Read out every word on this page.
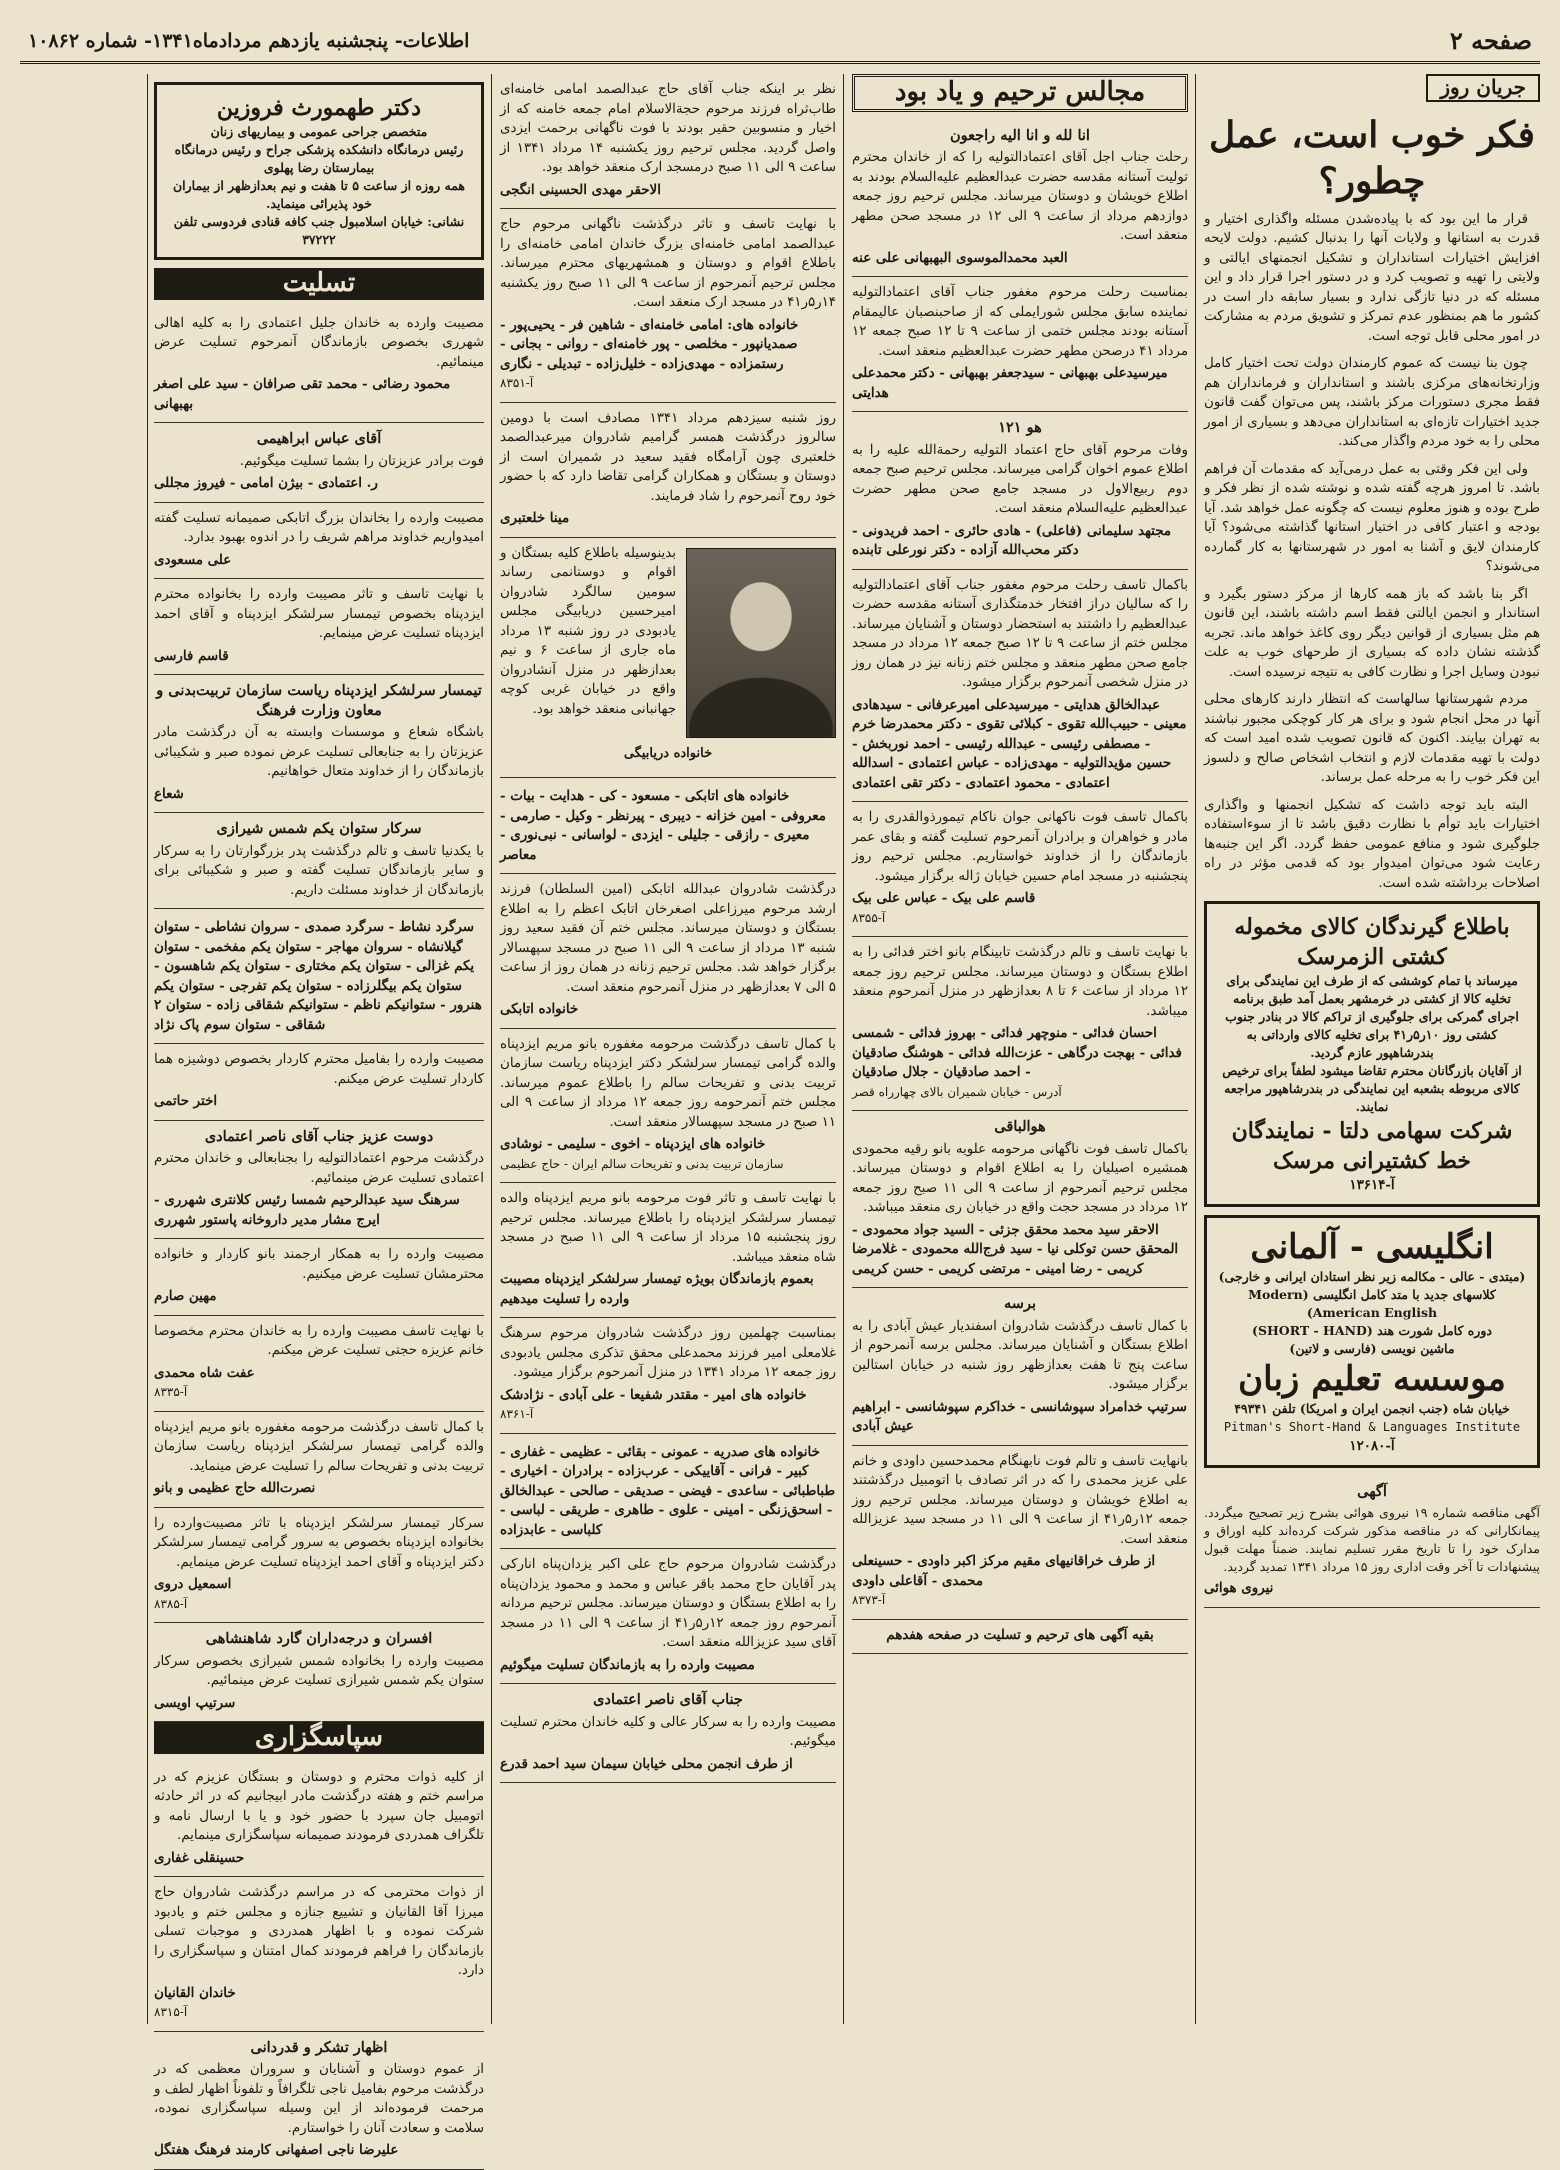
صفحه ۲
اطلاعات- پنجشنبه یازدهم مردادماه۱۳۴۱- شماره ۱۰۸۶۲
جریان روز
فکر خوب است، عمل چطور؟

قرار ما این بود که با پیاده‌شدن مسئله واگذاری اختیار و قدرت به استانها و ولایات آنها را بدنبال کشیم. دولت لایحه افزایش اختیارات استانداران و تشکیل انجمنهای ایالتی و ولایتی را تهیه و تصویب کرد و در دستور اجرا قرار داد و این مسئله که در دنیا تازگی ندارد و بسیار سابقه دار است در کشور ما هم بمنظور عدم تمرکز و تشویق مردم به مشارکت در امور محلی قابل توجه است.

چون بنا نیست که عموم کارمندان دولت تحت اختیار کامل وزارتخانه‌های مرکزی باشند و استانداران و فرمانداران هم فقط مجری دستورات مرکز باشند، پس می‌توان گفت قانون جدید اختیارات تازه‌ای به استانداران می‌دهد و بسیاری از امور محلی را به خود مردم واگذار می‌کند.

ولی این فکر وقتی به عمل درمی‌آید که مقدمات آن فراهم باشد. تا امروز هرچه گفته شده و نوشته شده از نظر فکر و طرح بوده و هنوز معلوم نیست که چگونه عمل خواهد شد. آیا بودجه و اعتبار کافی در اختیار استانها گذاشته می‌شود؟ آیا کارمندان لایق و آشنا به امور در شهرستانها به کار گمارده می‌شوند؟

اگر بنا باشد که باز همه کارها از مرکز دستور بگیرد و استاندار و انجمن ایالتی فقط اسم داشته باشند، این قانون هم مثل بسیاری از قوانین دیگر روی کاغذ خواهد ماند. تجربه گذشته نشان داده که بسیاری از طرحهای خوب به علت نبودن وسایل اجرا و نظارت کافی به نتیجه نرسیده است.

مردم شهرستانها سالهاست که انتظار دارند کارهای محلی آنها در محل انجام شود و برای هر کار کوچکی مجبور نباشند به تهران بیایند. اکنون که قانون تصویب شده امید است که دولت با تهیه مقدمات لازم و انتخاب اشخاص صالح و دلسوز این فکر خوب را به مرحله عمل برساند.

البته باید توجه داشت که تشکیل انجمنها و واگذاری اختیارات باید توأم با نظارت دقیق باشد تا از سوءاستفاده جلوگیری شود و منافع عمومی حفظ گردد. اگر این جنبه‌ها رعایت شود می‌توان امیدوار بود که قدمی مؤثر در راه اصلاحات برداشته شده است.

باطلاع گیرندگان کالای مخموله کشتی الزمرسک
میرساند با تمام کوششی که از طرف این نمایندگی برای تخلیه کالا از کشتی در خرمشهر بعمل آمد طبق برنامه اجرای گمرکی برای جلوگیری از تراکم کالا در بنادر جنوب کشتی روز ۱۰ر۵ر۴۱ برای تخلیه کالای وارداتی به بندرشاهپور عازم گردید.
از آقایان بازرگانان محترم تقاضا میشود لطفاً برای ترخیص کالای مربوطه بشعبه این نمایندگی در بندرشاهپور مراجعه نمایند.
شرکت سهامی دلتا - نمایندگان خط کشتیرانی مرسک
آ-۱۳۶۱۴
انگلیسی - آلمانی
(مبتدی - عالی - مکالمه زیر نظر استادان ایرانی و خارجی)
کلاسهای جدید با متد کامل انگلیسی (Modern American English)
دوره کامل شورت هند (SHORT - HAND)
ماشین نویسی (فارسی و لاتین)
موسسه تعلیم زبان
خیابان شاه (جنب انجمن ایران و امریکا) تلفن ۴۹۳۴۱
Pitman's Short-Hand & Languages Institute
آ-۱۲۰۸۰
آگهی
آگهی مناقصه شماره ۱۹ نیروی هوائی بشرح زیر تصحیح میگردد. پیمانکارانی که در مناقصه مذکور شرکت کرده‌اند کلیه اوراق و مدارک خود را تا تاریخ مقرر تسلیم نمایند. ضمناً مهلت قبول پیشنهادات تا آخر وقت اداری روز ۱۵ مرداد ۱۳۴۱ تمدید گردید.
نیروی هوائی
مجالس ترحیم و یاد بود
انا لله و انا الیه راجعون
رحلت جناب اجل آقای اعتمادالتولیه را که از خاندان محترم تولیت آستانه مقدسه حضرت عبدالعظیم علیه‌السلام بودند به اطلاع خویشان و دوستان میرساند. مجلس ترحیم روز جمعه دوازدهم مرداد از ساعت ۹ الی ۱۲ در مسجد صحن مطهر منعقد است.
العبد محمدالموسوی البهبهانی علی عنه
بمناسبت رحلت مرحوم مغفور جناب آقای اعتمادالتولیه نماینده سابق مجلس شورایملی که از صاحبنصبان عالیمقام آستانه بودند مجلس ختمی از ساعت ۹ تا ۱۲ صبح جمعه ۱۲ مرداد ۴۱ درصحن مطهر حضرت عبدالعظیم منعقد است.
میرسیدعلی بهبهانی - سیدجعفر بهبهانی - دکتر محمدعلی هدایتی
هو ۱۲۱
وفات مرحوم آقای حاج اعتماد التولیه رحمةالله علیه را به اطلاع عموم اخوان گرامی میرساند. مجلس ترحیم صبح جمعه دوم ربیع‌الاول در مسجد جامع صحن مطهر حضرت عبدالعظیم علیه‌السلام منعقد است.
مجتهد سلیمانی (فاعلی) - هادی حائری - احمد فریدونی - دکتر محب‌الله آزاده - دکتر نورعلی تابنده
باکمال تاسف رحلت مرحوم مغفور جناب آقای اعتمادالتولیه را که سالیان دراز افتخار خدمتگذاری آستانه مقدسه حضرت عبدالعظیم را داشتند به استحضار دوستان و آشنایان میرساند. مجلس ختم از ساعت ۹ تا ۱۲ صبح جمعه ۱۲ مرداد در مسجد جامع صحن مطهر منعقد و مجلس ختم زنانه نیز در همان روز در منزل شخصی آنمرحوم برگزار میشود.
عبدالخالق هدایتی - میرسیدعلی امیرعرفانی - سیدهادی معینی - حبیب‌الله تقوی - کبلائی تقوی - دکتر محمدرضا خرم - مصطفی رئیسی - عبدالله رئیسی - احمد نوربخش - حسین مؤیدالتولیه - مهدی‌زاده - عباس اعتمادی - اسدالله اعتمادی - محمود اعتمادی - دکتر تقی اعتمادی
باکمال تاسف فوت ناکهانی جوان ناکام تیمورذوالقدری را به مادر و خواهران و برادران آنمرحوم تسلیت گفته و بقای عمر بازماندگان را از خداوند خواستاریم. مجلس ترحیم روز پنجشنبه در مسجد امام حسین خیابان ژاله برگزار میشود.
قاسم علی بیک - عباس علی بیک
آ-۸۳۵۵
با نهایت تاسف و تالم درگذشت تابینگام بانو اختر فدائی را به اطلاع بستگان و دوستان میرساند. مجلس ترحیم روز جمعه ۱۲ مرداد از ساعت ۶ تا ۸ بعدازظهر در منزل آنمرحوم منعقد میباشد.
احسان فدائی - منوچهر فدائی - بهروز فدائی - شمسی فدائی - بهجت درگاهی - عزت‌الله فدائی - هوشنگ صادقیان - احمد صادقیان - جلال صادقیان
آدرس - خیابان شمیران بالای چهارراه قصر
هوالباقی
باکمال تاسف فوت ناگهانی مرحومه علویه بانو رقیه محمودی همشیره اصیلیان را به اطلاع اقوام و دوستان میرساند. مجلس ترحیم آنمرحوم از ساعت ۹ الی ۱۱ صبح روز جمعه ۱۲ مرداد در مسجد حجت واقع در خیابان ری منعقد میباشد.
الاحقر سید محمد محقق جزئی - السید جواد محمودی - المحقق حسن توکلی نیا - سید فرج‌الله محمودی - غلامرضا کریمی - رضا امینی - مرتضی کریمی - حسن کریمی
برسه
با کمال تاسف درگذشت شادروان اسفندیار عیش آبادی را به اطلاع بستگان و آشنایان میرساند. مجلس برسه آنمرحوم از ساعت پنج تا هفت بعدازظهر روز شنبه در خیابان استالین برگزار میشود.
سرتیپ خدامراد سپوشانسی - خداکرم سپوشانسی - ابراهیم عیش آبادی
بانهایت تاسف و تالم فوت نابهنگام محمدحسین داودی و خانم علی عزیز محمدی را که در اثر تصادف با اتومبیل درگذشتند به اطلاع خویشان و دوستان میرساند. مجلس ترحیم روز جمعه ۱۲ر۵ر۴۱ از ساعت ۹ الی ۱۱ در مسجد سید عزیزالله منعقد است.
از طرف خراقانیهای مقیم مرکز اکبر داودی - حسینعلی محمدی - آقاعلی داودی
آ-۸۳۷۳
بقیه آگهی های ترحیم و تسلیت در صفحه هفدهم
نظر بر اینکه جناب آقای حاج عبدالصمد امامی خامنه‌ای طاب‌ثراه فرزند مرحوم حجةالاسلام امام جمعه خامنه که از اخیار و منسوبین حقیر بودند با فوت ناگهانی برحمت ایزدی واصل گردید. مجلس ترحیم روز یکشنبه ۱۴ مرداد ۱۳۴۱ از ساعت ۹ الی ۱۱ صبح درمسجد ارک منعقد خواهد بود.
الاحقر مهدی الحسینی انگجی
با نهایت تاسف و تاثر درگذشت ناگهانی مرحوم حاج عبدالصمد امامی خامنه‌ای بزرگ خاندان امامی خامنه‌ای را باطلاع اقوام و دوستان و همشهریهای محترم میرساند. مجلس ترحیم آنمرحوم از ساعت ۹ الی ۱۱ صبح روز یکشنبه ۱۴ر۵ر۴۱ در مسجد ارک منعقد است.
خانواده های: امامی خامنه‌ای - شاهین فر - یحیی‌پور - صمدیانپور - مخلصی - پور خامنه‌ای - روانی - بجانی - رستمزاده - مهدی‌زاده - خلیل‌زاده - تبدیلی - نگاری
آ-۸۳۵۱
روز شنبه سیزدهم مرداد ۱۳۴۱ مصادف است با دومین سالروز درگذشت همسر گرامیم شادروان میرعبدالصمد خلعتبری چون آرامگاه فقید سعید در شمیران است از دوستان و بستگان و همکاران گرامی تقاضا دارد که با حضور خود روح آنمرحوم را شاد فرمایند.
مینا خلعتبری
بدینوسیله باطلاع کلیه بستگان و اقوام و دوستانمی رساند سومین سالگرد شادروان امیرحسین دریابیگی مجلس یادبودی در روز شنبه ۱۳ مرداد ماه جاری از ساعت ۶ و نیم بعدازظهر در منزل آنشادروان واقع در خیابان غربی کوچه جهانبانی منعقد خواهد بود.
خانواده دریابیگی
خانواده های اتابکی - مسعود - کی - هدایت - بیات - معروفی - امین خزانه - دیبری - پیرنظر - وکیل - صارمی - معیری - رازقی - جلیلی - ایزدی - لواسانی - نبی‌نوری - معاصر
درگذشت شادروان عبدالله اتابکی (امین السلطان) فرزند ارشد مرحوم میرزاعلی اصغرخان اتابک اعظم را به اطلاع بستگان و دوستان میرساند. مجلس ختم آن فقید سعید روز شنبه ۱۳ مرداد از ساعت ۹ الی ۱۱ صبح در مسجد سپهسالار برگزار خواهد شد. مجلس ترحیم زنانه در همان روز از ساعت ۵ الی ۷ بعدازظهر در منزل آنمرحوم منعقد است.
خانواده اتابکی
با کمال تاسف درگذشت مرحومه مغفوره بانو مریم ایزدپناه والده گرامی تیمسار سرلشکر دکتر ایزدپناه ریاست سازمان تربیت بدنی و تفریحات سالم را باطلاع عموم میرساند. مجلس ختم آنمرحومه روز جمعه ۱۲ مرداد از ساعت ۹ الی ۱۱ صبح در مسجد سپهسالار منعقد است.
خانواده های ایزدپناه - اخوی - سلیمی - نوشادی
سازمان تربیت بدنی و تفریحات سالم ایران - حاج عظیمی
با نهایت تاسف و تاثر فوت مرحومه بانو مریم ایزدپناه والده تیمسار سرلشکر ایزدپناه را باطلاع میرساند. مجلس ترحیم روز پنجشنبه ۱۵ مرداد از ساعت ۹ الی ۱۱ صبح در مسجد شاه منعقد میباشد.
بعموم بازماندگان بویژه تیمسار سرلشکر ایزدپناه مصیبت وارده را تسلیت میدهیم
بمناسبت چهلمین روز درگذشت شادروان مرحوم سرهنگ غلامعلی امیر فرزند محمدعلی محقق تذکری مجلس یادبودی روز جمعه ۱۲ مرداد ۱۳۴۱ در منزل آنمرحوم برگزار میشود.
خانواده های امیر - مقتدر شفیعا - علی آبادی - نژادشک
آ-۸۳۶۱
خانواده های صدریه - عمونی - بقائی - عظیمی - غفاری - کبیر - فرانی - آقاییکی - عرب‌زاده - برادران - اخیاری - طباطبائی - ساعدی - فیضی - صدیقی - صالحی - عبدالخالق - اسحق‌زنگی - امینی - علوی - طاهری - طریقی - لباسی - کلباسی - عابدزاده
درگذشت شادروان مرحوم حاج علی اکبر یزدان‌پناه انارکی پدر آقایان حاج محمد باقر عباس و محمد و محمود یزدان‌پناه را به اطلاع بستگان و دوستان میرساند. مجلس ترحیم مردانه آنمرحوم روز جمعه ۱۲ر۵ر۴۱ از ساعت ۹ الی ۱۱ در مسجد آقای سید عزیزالله منعقد است.
مصیبت وارده را به بازماندگان تسلیت میگوئیم
جناب آقای ناصر اعتمادی
مصیبت وارده را به سرکار عالی و کلیه خاندان محترم تسلیت میگوئیم.
از طرف انجمن محلی خیابان سیمان سید احمد قدرع
دکتر طهمورث فروزین
متخصص جراحی عمومی و بیماریهای زنان
رئیس درمانگاه دانشکده پزشکی جراح و رئیس درمانگاه بیمارستان رضا پهلوی
همه روزه از ساعت ۵ تا هفت و نیم بعدازظهر از بیماران خود پذیرائی مینماید.
نشانی: خیابان اسلامبول جنب کافه قنادی فردوسی تلفن ۳۷۲۲۲
تسلیت
مصیبت وارده به خاندان جلیل اعتمادی را به کلیه اهالی شهرری بخصوص بازماندگان آنمرحوم تسلیت عرض مینمائیم.
محمود رضائی - محمد تقی صرافان - سید علی اصغر بهبهانی
آقای عباس ابراهیمی
فوت برادر عزیزتان را بشما تسلیت میگوئیم.
ر. اعتمادی - بیژن امامی - فیروز مجللی
مصیبت وارده را بخاندان بزرگ اتابکی صمیمانه تسلیت گفته امیدواریم خداوند مراهم شریف را در اندوه بهبود بدارد.
علی مسعودی
با نهایت تاسف و تاثر مصیبت وارده را بخانواده محترم ایزدپناه بخصوص تیمسار سرلشکر ایزدپناه و آقای احمد ایزدپناه تسلیت عرض مینمایم.
قاسم فارسی
تیمسار سرلشکر ایزدپناه ریاست سازمان تربیت‌بدنی و معاون وزارت فرهنگ
باشگاه شعاع و موسسات وابسته به آن درگذشت مادر عزیزتان را به جنابعالی تسلیت عرض نموده صبر و شکیبائی بازماندگان را از خداوند متعال خواهانیم.
شعاع
سرکار ستوان یکم شمس شیرازی
با یکدنیا تاسف و تالم درگذشت پدر بزرگوارتان را به سرکار و سایر بازماندگان تسلیت گفته و صبر و شکیبائی برای بازماندگان از خداوند مسئلت داریم.
سرگرد نشاط - سرگرد صمدی - سروان نشاطی - ستوان گیلانشاه - سروان مهاجر - ستوان یکم مفخمی - ستوان یکم غزالی - ستوان یکم مختاری - ستوان یکم شاهسون - ستوان یکم بیگلرزاده - ستوان یکم تفرجی - ستوان یکم هنرور - ستوانیکم ناظم - ستوانیکم شقاقی زاده - ستوان ۲ شقاقی - ستوان سوم پاک نژاد
مصیبت وارده را بفامیل محترم کاردار بخصوص دوشیزه هما کاردار تسلیت عرض میکنم.
اختر حاتمی
دوست عزیز جناب آقای ناصر اعتمادی
درگذشت مرحوم اعتمادالتولیه را بجنابعالی و خاندان محترم اعتمادی تسلیت عرض مینمائیم.
سرهنگ سید عبدالرحیم شمسا رئیس کلانتری شهرری - ایرج مشار مدیر داروخانه پاستور شهرری
مصیبت وارده را به همکار ارجمند بانو کاردار و خانواده محترمشان تسلیت عرض میکنیم.
مهین صارم
با نهایت تاسف مصیبت وارده را به خاندان محترم مخصوصا خانم عزیزه حجتی تسلیت عرض میکنم.
عفت شاه محمدی
آ-۸۳۳۵
با کمال تاسف درگذشت مرحومه مغفوره بانو مریم ایزدپناه والده گرامی تیمسار سرلشکر ایزدپناه ریاست سازمان تربیت بدنی و تفریحات سالم را تسلیت عرض مینماید.
نصرت‌الله حاج عظیمی و بانو
سرکار تیمسار سرلشکر ایزدپناه با تاثر مصیبت‌وارده را بخانواده ایزدپناه بخصوص به سرور گرامی تیمسار سرلشکر دکتر ایزدپناه و آقای احمد ایزدپناه تسلیت عرض مینمایم.
اسمعیل دروی
آ-۸۳۸۵
افسران و درجه‌داران گارد شاهنشاهی
مصیبت وارده را بخانواده شمس شیرازی بخصوص سرکار ستوان یکم شمس شیرازی تسلیت عرض مینمائیم.
سرتیپ اویسی
سپاسگزاری
از کلیه ذوات محترم و دوستان و بستگان عزیزم که در مراسم ختم و هفته درگذشت مادر ابیجانیم که در اثر حادثه اتومبیل جان سپرد با حضور خود و یا با ارسال نامه و تلگراف همدردی فرمودند صمیمانه سپاسگزاری مینمایم.
حسینقلی غفاری
از ذوات محترمی که در مراسم درگذشت شادروان حاج میرزا آقا القانیان و تشییع جنازه و مجلس ختم و یادبود شرکت نموده و با اظهار همدردی و موجبات تسلی بازماندگان را فراهم فرمودند کمال امتنان و سپاسگزاری را دارد.
خاندان القانیان
آ-۸۳۱۵
اظهار تشکر و قدردانی
از عموم دوستان و آشنایان و سروران معظمی که در درگذشت مرحوم بفامیل ناجی تلگرافاً و تلفوناً اظهار لطف و مرحمت فرموده‌اند از این وسیله سپاسگزاری نموده، سلامت و سعادت آنان را خواستارم.
علیرضا ناجی اصفهانی کارمند فرهنگ هفتگل
